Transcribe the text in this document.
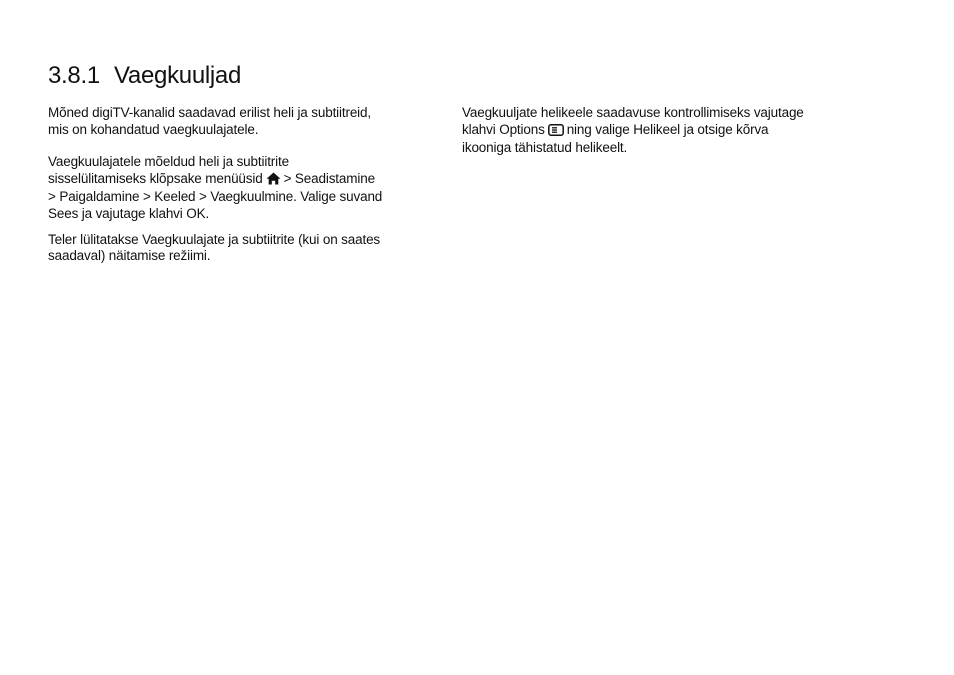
3.8.1 Vaegkuuljad

Mõned digiTV-kanalid saadavad erilist heli ja subtiitreid,
mis on kohandatud vaegkuulajatele.

Vaegkuulajatele mõeldud heli ja subtiitrite
sisselülitamiseks klõpsake menüüsid > Seadistamine
> Paigaldamine > Keeled > Vaegkuulmine. Valige suvand
Sees ja vajutage klahvi OK.

Teler lülitatakse Vaegkuulajate ja subtiitrite (kui on saates
saadaval) näitamise režiimi.

Vaegkuuljate helikeele saadavuse kontrollimiseks vajutage
klahvi Options ning valige Helikeel ja otsige kõrva
ikooniga tähistatud helikeelt.
